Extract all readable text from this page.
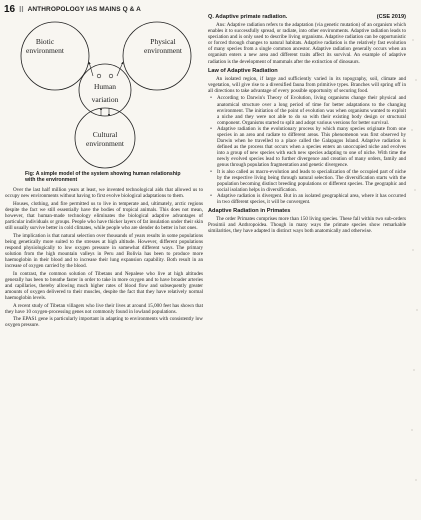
16 II ANTHROPOLOGY IAS MAINS Q & A
Biotic
environment
Physical
environment
Human
variation
Cultural
environment
Fig: A simple model of the system showing human relationship with the environment

Over the last half million years at least, we invented technological aids that allowed us to occupy new environments without having to first evolve biological adaptations to them.

Houses, clothing, and fire permitted us to live in temperate and, ultimately, arctic regions despite the fact we still essentially have the bodies of tropical animals. This does not mean, however, that human-made technology eliminates the biological adaptive advantages of particular individuals or groups. People who have thicker layers of fat insulation under their skin still usually survive better in cold climates, while people who are slender do better in hot ones.

The implication is that natural selection over thousands of years results in some populations being genetically more suited to the stresses at high altitude. However, different populations respond physiologically to low oxygen pressure in somewhat different ways. The primary solution from the high mountain valleys in Peru and Bolivia has been to produce more haemoglobin in their blood and to increase their lung expansion capability. Both result in an increase of oxygen carried by the blood.

In contrast, the common solution of Tibetans and Nepalese who live at high altitudes generally has been to breathe faster in order to take in more oxygen and to have broader arteries and capillaries, thereby allowing much higher rates of blood flow and subsequently greater amounts of oxygen delivered to their muscles, despite the fact that they have relatively normal haemoglobin levels.

A recent study of Tibetan villagers who live their lives at around 15,000 feet has shown that they have 10 oxygen-processing genes not commonly found in lowland populations.

The EPAS1 gene is particularly important in adapting to environments with consistently low oxygen pressure.

Q. Adaptive primate radiation.	(CSE 2019)

Ans: Adaptive radiation refers to the adaptation (via genetic mutation) of an organism which enables it to successfully spread, or radiate, into other environments. Adaptive radiation leads to speciation and is only used to describe living organisms. Adaptive radiation can be opportunistic or forced through changes to natural habitats. Adaptive radiation is the relatively fast evolution of many species from a single common ancestor. Adaptive radiation generally occurs when an organism enters a new area and different traits affect its survival. An example of adaptive radiation is the development of mammals after the extinction of dinosaurs.

Law of Adaptive Radiation

An isolated region, if large and sufficiently varied in its topography, soil, climate and vegetation, will give rise to a diversified fauna from primitive types. Branches will spring off in all directions to take advantage of every possible opportunity of securing food.

•	According to Darwin's Theory of Evolution, living organisms change their physical and anatomical structure over a long period of time for better adaptations to the changing environment. The initiation of the point of evolution was when organisms wanted to exploit a niche and they were not able to do so with their existing body design or structural component. Organisms started to split and adopt various versions for better survival.
•	Adaptive radiation is the evolutionary process by which many species originate from one species in an area and radiate to different areas. This phenomenon was first observed by Darwin when he travelled to a place called the Galapagos Island. Adaptive radiation is defined as the process that occurs when a species enters an unoccupied niche and evolves into a group of new species with each new species adapting to one of niche. With time the newly evolved species lead to further divergence and creation of many orders, family and genus through population fragmentation and genetic divergence.
•	It is also called as macro-evolution and leads to specialization of the occupied part of niche by the respective living being through natural selection. The diversification starts with the population becoming distinct breeding populations or different species. The geographic and social isolation helps in diversification.
•	Adaptive radiation is divergent. But in an isolated geographical area, where it has occurred in two different species, it will be convergent.
Adaptive Radiation in Primates

The order Primates comprises more than 150 living species. These fall within two sub-orders Prosimii and Anthropoidea. Though in many ways the primate species show remarkable similarities, they have adapted in distinct ways both anatomically and otherwise.
